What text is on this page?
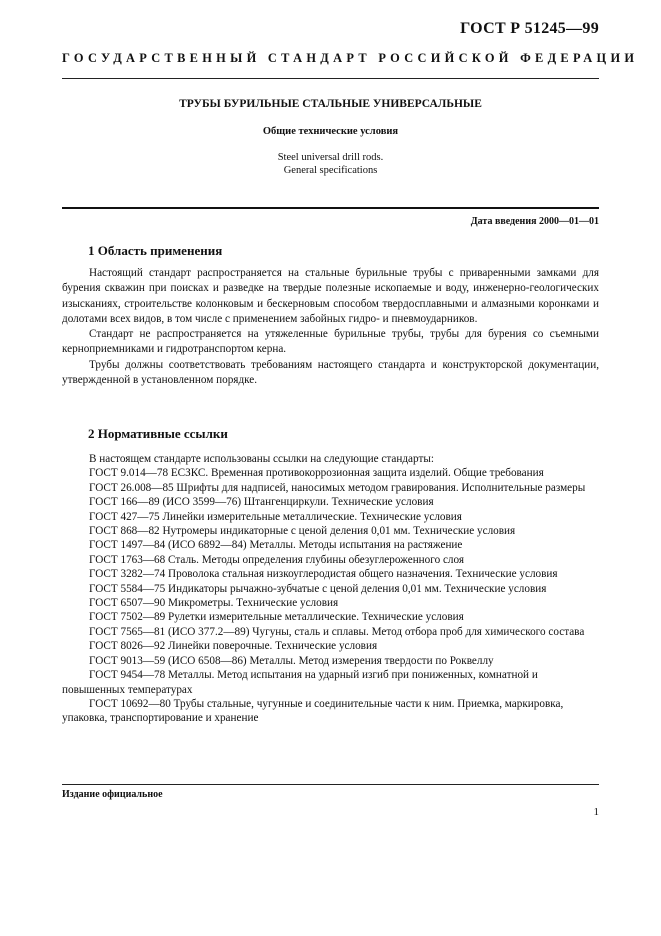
ГОСТ Р 51245—99
ГОСУДАРСТВЕННЫЙ СТАНДАРТ РОССИЙСКОЙ ФЕДЕРАЦИИ
ТРУБЫ БУРИЛЬНЫЕ СТАЛЬНЫЕ УНИВЕРСАЛЬНЫЕ
Общие технические условия
Steel universal drill rods.
General specifications
Дата введения 2000—01—01
1 Область применения

Настоящий стандарт распространяется на стальные бурильные трубы с приваренными замками для бурения скважин при поисках и разведке на твердые полезные ископаемые и воду, инженерно-геологических изысканиях, строительстве колонковым и бескерновым способом твердосплавными и алмазными коронками и долотами всех видов, в том числе с применением забойных гидро- и пневмоударников.

Стандарт не распространяется на утяжеленные бурильные трубы, трубы для бурения со съемными керноприемниками и гидротранспортом керна.

Трубы должны соответствовать требованиям настоящего стандарта и конструкторской документации, утвержденной в установленном порядке.

2 Нормативные ссылки

В настоящем стандарте использованы ссылки на следующие стандарты:

ГОСТ 9.014—78 ЕСЗКС. Временная противокоррозионная защита изделий. Общие требования

ГОСТ 26.008—85 Шрифты для надписей, наносимых методом гравирования. Исполнительные размеры

ГОСТ 166—89 (ИСО 3599—76) Штангенциркули. Технические условия

ГОСТ 427—75 Линейки измерительные металлические. Технические условия

ГОСТ 868—82 Нутромеры индикаторные с ценой деления 0,01 мм. Технические условия

ГОСТ 1497—84 (ИСО 6892—84) Металлы. Методы испытания на растяжение

ГОСТ 1763—68 Сталь. Методы определения глубины обезуглероженного слоя

ГОСТ 3282—74 Проволока стальная низкоуглеродистая общего назначения. Технические условия

ГОСТ 5584—75 Индикаторы рычажно-зубчатые с ценой деления 0,01 мм. Технические условия

ГОСТ 6507—90 Микрометры. Технические условия

ГОСТ 7502—89 Рулетки измерительные металлические. Технические условия

ГОСТ 7565—81 (ИСО 377.2—89) Чугуны, сталь и сплавы. Метод отбора проб для химического состава

ГОСТ 8026—92 Линейки поверочные. Технические условия

ГОСТ 9013—59 (ИСО 6508—86) Металлы. Метод измерения твердости по Роквеллу

ГОСТ 9454—78 Металлы. Метод испытания на ударный изгиб при пониженных, комнатной и повышенных температурах

ГОСТ 10692—80 Трубы стальные, чугунные и соединительные части к ним. Приемка, маркировка, упаковка, транспортирование и хранение

Издание официальное
1
